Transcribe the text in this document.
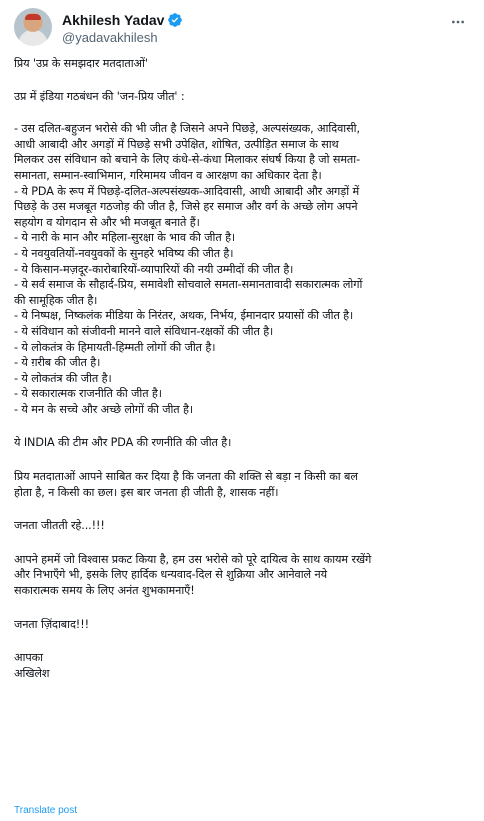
Akhilesh Yadav
@yadavakhilesh

प्रिय 'उप्र के समझदार मतदाताओं'

उप्र में इंडिया गठबंधन की 'जन-प्रिय जीत' :

- उस दलित-बहुजन भरोसे की भी जीत है जिसने अपने पिछड़े, अल्पसंख्यक, आदिवासी,
आधी आबादी और अगड़ों में पिछड़े सभी उपेक्षित, शोषित, उत्पीड़ित समाज के साथ
मिलकर उस संविधान को बचाने के लिए कंधे-से-कंधा मिलाकर संघर्ष किया है जो समता-
समानता, सम्मान-स्वाभिमान, गरिमामय जीवन व आरक्षण का अधिकार देता है।
- ये PDA के रूप में पिछड़े-दलित-अल्पसंख्यक-आदिवासी, आधी आबादी और अगड़ों में
पिछड़े के उस मजबूत गठजोड़ की जीत है, जिसे हर समाज और वर्ग के अच्छे लोग अपने
सहयोग व योगदान से और भी मजबूत बनाते हैं।
- ये नारी के मान और महिला-सुरक्षा के भाव की जीत है।
- ये नवयुवतियों-नवयुवकों के सुनहरे भविष्य की जीत है।
- ये किसान-मज़दूर-कारोबारियों-व्यापारियों की नयी उम्मीदों की जीत है।
- ये सर्व समाज के सौहार्द-प्रिय, समावेशी सोचवाले समता-समानतावादी सकारात्मक लोगों
की सामूहिक जीत है।
- ये निष्पक्ष, निष्कलंक मीडिया के निरंतर, अथक, निर्भय, ईमानदार प्रयासों की जीत है।
- ये संविधान को संजीवनी मानने वाले संविधान-रक्षकों की जीत है।
- ये लोकतंत्र के हिमायती-हिम्मती लोगों की जीत है।
- ये ग़रीब की जीत है।
- ये लोकतंत्र की जीत है।
- ये सकारात्मक राजनीति की जीत है।
- ये मन के सच्चे और अच्छे लोगों की जीत है।

ये INDIA की टीम और PDA की रणनीति की जीत है।

प्रिय मतदाताओं आपने साबित कर दिया है कि जनता की शक्ति से बड़ा न किसी का बल
होता है, न किसी का छल। इस बार जनता ही जीती है, शासक नहीं।

जनता जीतती रहे...!!!

आपने हममें जो विश्वास प्रकट किया है, हम उस भरोसे को पूरे दायित्व के साथ कायम रखेंगे
और निभाएँगे भी, इसके लिए हार्दिक धन्यवाद-दिल से शुक्रिया और आनेवाले नये
सकारात्मक समय के लिए अनंत शुभकामनाएँ!

जनता ज़िंदाबाद!!!

आपका
अखिलेश

Translate post
